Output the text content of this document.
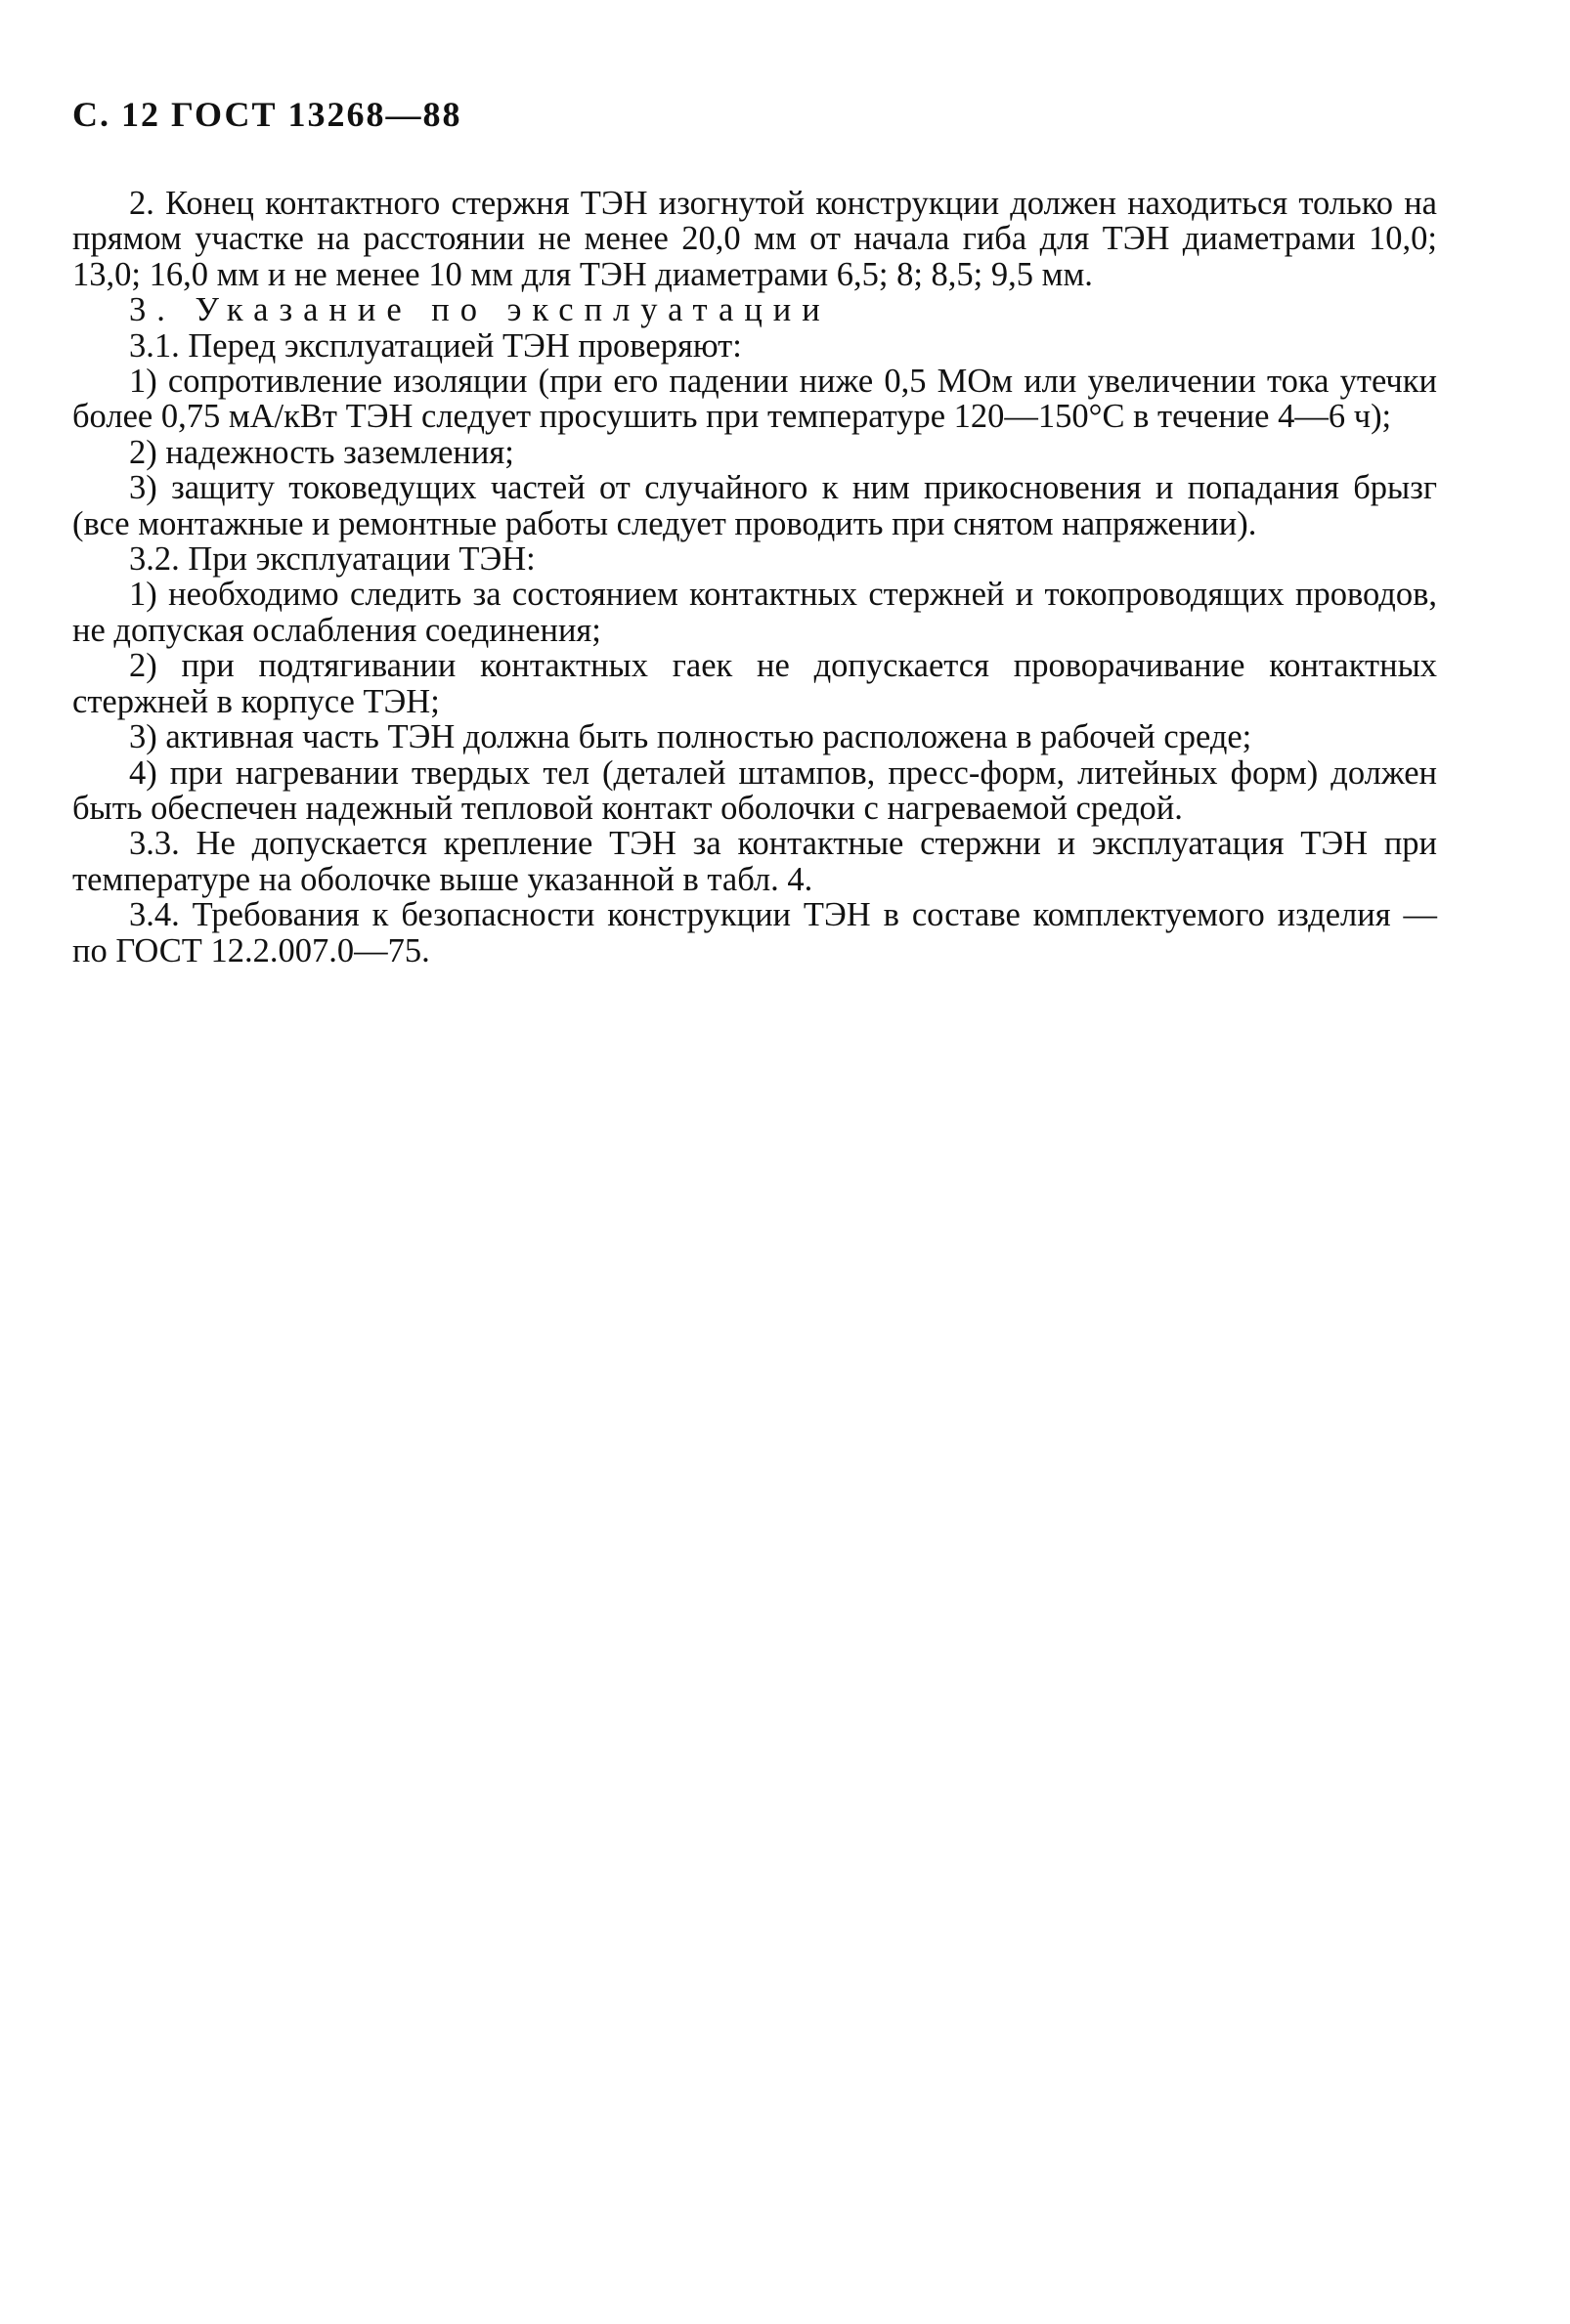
С. 12 ГОСТ 13268—88

2. Конец контактного стержня ТЭН изогнутой конструкции должен находиться только на прямом участке на расстоянии не менее 20,0 мм от начала гиба для ТЭН диаметрами 10,0; 13,0; 16,0 мм и не менее 10 мм для ТЭН диаметрами 6,5; 8; 8,5; 9,5 мм.

3. Указание по эксплуатации

3.1. Перед эксплуатацией ТЭН проверяют:

1) сопротивление изоляции (при его падении ниже 0,5 МОм или увеличении тока утечки более 0,75 мА/кВт ТЭН следует просушить при температуре 120—150°С в течение 4—6 ч);

2) надежность заземления;

3) защиту токоведущих частей от случайного к ним прикосновения и попадания брызг (все монтажные и ремонтные работы следует проводить при снятом напряжении).

3.2. При эксплуатации ТЭН:

1) необходимо следить за состоянием контактных стержней и токопроводящих проводов, не допуская ослабления соединения;

2) при подтягивании контактных гаек не допускается проворачивание контактных стержней в корпусе ТЭН;

3) активная часть ТЭН должна быть полностью расположена в рабочей среде;

4) при нагревании твердых тел (деталей штампов, пресс-форм, литейных форм) должен быть обеспечен надежный тепловой контакт оболочки с нагреваемой средой.

3.3. Не допускается крепление ТЭН за контактные стержни и эксплуатация ТЭН при температуре на оболочке выше указанной в табл. 4.

3.4. Требования к безопасности конструкции ТЭН в составе комплектуемого изделия — по ГОСТ 12.2.007.0—75.
